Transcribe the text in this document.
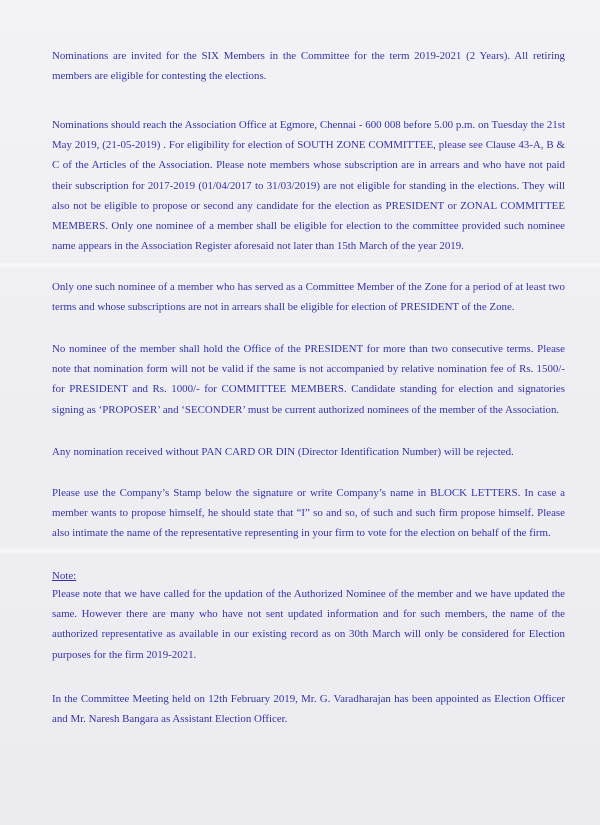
Nominations are invited for the SIX Members in the Committee for the term 2019-2021 (2 Years). All retiring members are eligible for contesting the elections.

Nominations should reach the Association Office at Egmore, Chennai - 600 008 before 5.00 p.m. on Tuesday the 21st May 2019, (21-05-2019) . For eligibility for election of SOUTH ZONE COMMITTEE, please see Clause 43-A, B & C of the Articles of the Association. Please note members whose subscription are in arrears and who have not paid their subscription for 2017-2019 (01/04/2017 to 31/03/2019) are not eligible for standing in the elections. They will also not be eligible to propose or second any candidate for the election as PRESIDENT or ZONAL COMMITTEE MEMBERS. Only one nominee of a member shall be eligible for election to the committee provided such nominee name appears in the Association Register aforesaid not later than 15th March of the year 2019.

Only one such nominee of a member who has served as a Committee Member of the Zone for a period of at least two terms and whose subscriptions are not in arrears shall be eligible for election of PRESIDENT of the Zone.

No nominee of the member shall hold the Office of the PRESIDENT for more than two consecutive terms. Please note that nomination form will not be valid if the same is not accompanied by relative nomination fee of Rs. 1500/- for PRESIDENT and Rs. 1000/- for COMMITTEE MEMBERS. Candidate standing for election and signatories signing as ‘PROPOSER’ and ‘SECONDER’ must be current authorized nominees of the member of the Association.

Any nomination received without PAN CARD OR DIN (Director Identification Number) will be rejected.

Please use the Company’s Stamp below the signature or write Company’s name in BLOCK LETTERS. In case a member wants to propose himself, he should state that “I” so and so, of such and such firm propose himself. Please also intimate the name of the representative representing in your firm to vote for the election on behalf of the firm.

Note:

Please note that we have called for the updation of the Authorized Nominee of the member and we have updated the same. However there are many who have not sent updated information and for such members, the name of the authorized representative as available in our existing record as on 30th March will only be considered for Election purposes for the firm 2019-2021.

In the Committee Meeting held on 12th February 2019, Mr. G. Varadharajan has been appointed as Election Officer and Mr. Naresh Bangara as Assistant Election Officer.
